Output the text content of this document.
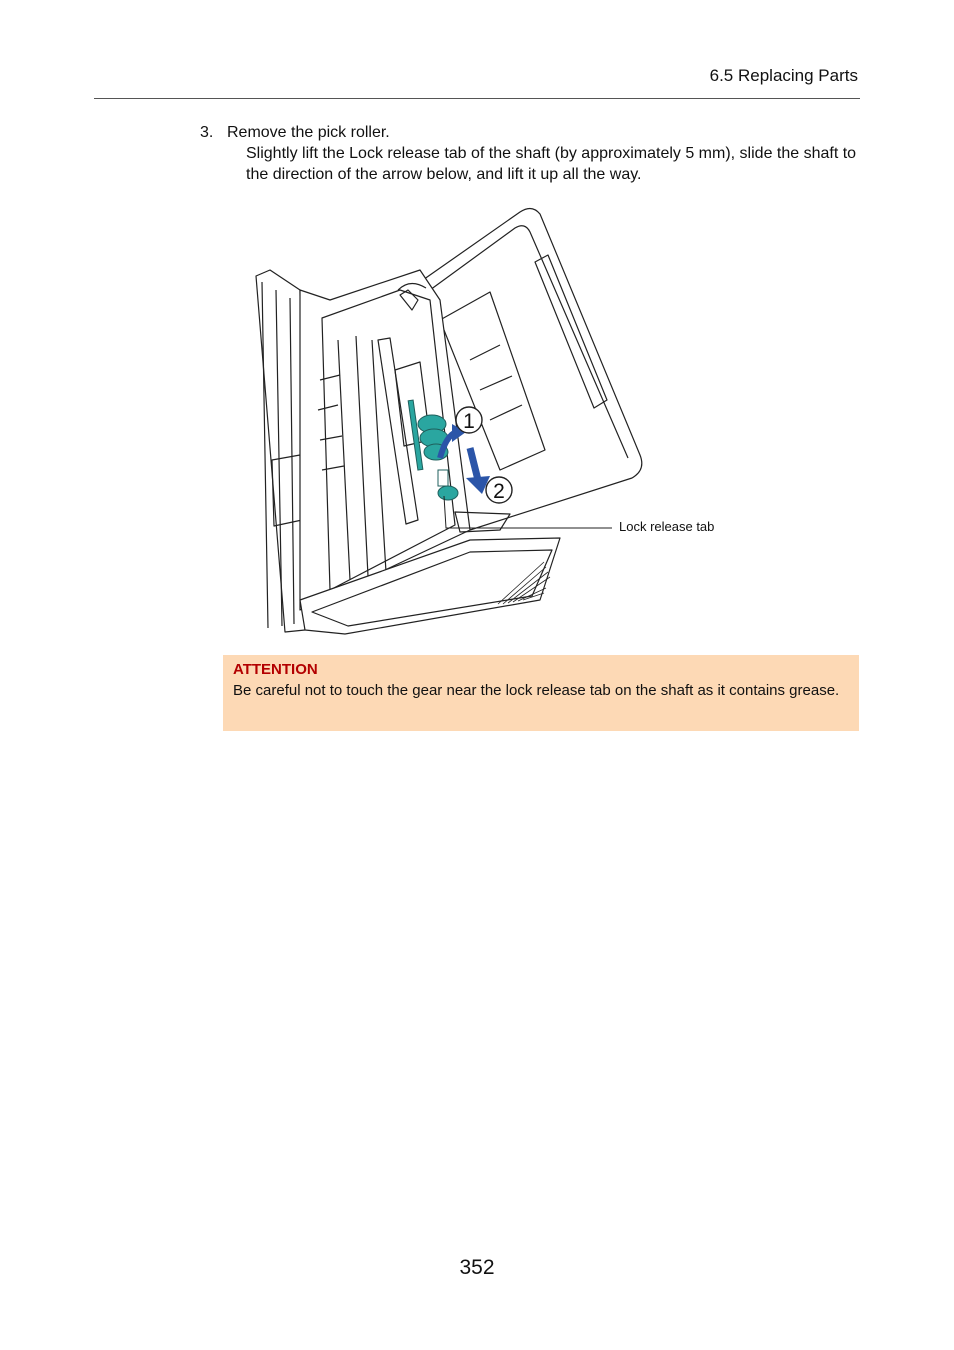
6.5 Replacing Parts
3. Remove the pick roller.
Slightly lift the Lock release tab of the shaft (by approximately 5 mm), slide the shaft to the direction of the arrow below, and lift it up all the way.
1
2
Lock release tab
ATTENTION
Be careful not to touch the gear near the lock release tab on the shaft as it contains grease.
352
